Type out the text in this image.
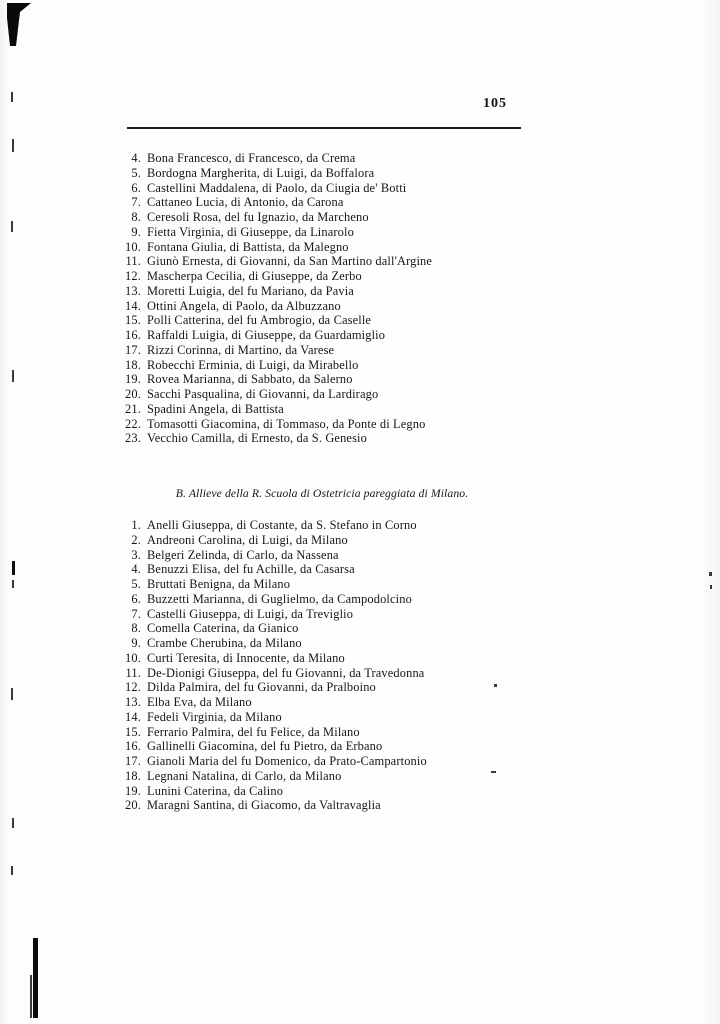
105
4. Bona Francesco, di Francesco, da Crema
5. Bordogna Margherita, di Luigi, da Boffalora
6. Castellini Maddalena, di Paolo, da Ciugia de' Botti
7. Cattaneo Lucia, di Antonio, da Carona
8. Ceresoli Rosa, del fu Ignazio, da Marcheno
9. Fietta Virginia, di Giuseppe, da Linarolo
10. Fontana Giulia, di Battista, da Malegno
11. Giunò Ernesta, di Giovanni, da San Martino dall'Argine
12. Mascherpa Cecilia, di Giuseppe, da Zerbo
13. Moretti Luigia, del fu Mariano, da Pavia
14. Ottini Angela, di Paolo, da Albuzzano
15. Polli Catterina, del fu Ambrogio, da Caselle
16. Raffaldi Luigia, di Giuseppe, da Guardamiglio
17. Rizzi Corinna, di Martino, da Varese
18. Robecchi Erminia, di Luigi, da Mirabello
19. Rovea Marianna, di Sabbato, da Salerno
20. Sacchi Pasqualina, di Giovanni, da Lardirago
21. Spadini Angela, di Battista
22. Tomasotti Giacomina, di Tommaso, da Ponte di Legno
23. Vecchio Camilla, di Ernesto, da S. Genesio
B. Allieve della R. Scuola di Ostetricia pareggiata di Milano.
1. Anelli Giuseppa, di Costante, da S. Stefano in Corno
2. Andreoni Carolina, di Luigi, da Milano
3. Belgeri Zelinda, di Carlo, da Nassena
4. Benuzzi Elisa, del fu Achille, da Casarsa
5. Bruttati Benigna, da Milano
6. Buzzetti Marianna, di Guglielmo, da Campodolcino
7. Castelli Giuseppa, di Luigi, da Treviglio
8. Comella Caterina, da Gianico
9. Crambe Cherubina, da Milano
10. Curti Teresita, di Innocente, da Milano
11. De-Dionigi Giuseppa, del fu Giovanni, da Travedonna
12. Dilda Palmira, del fu Giovanni, da Pralboino
13. Elba Eva, da Milano
14. Fedeli Virginia, da Milano
15. Ferrario Palmira, del fu Felice, da Milano
16. Gallinelli Giacomina, del fu Pietro, da Erbano
17. Gianoli Maria del fu Domenico, da Prato-Campartonio
18. Legnani Natalina, di Carlo, da Milano
19. Lunini Caterina, da Calino
20. Maragni Santina, di Giacomo, da Valtravaglia
